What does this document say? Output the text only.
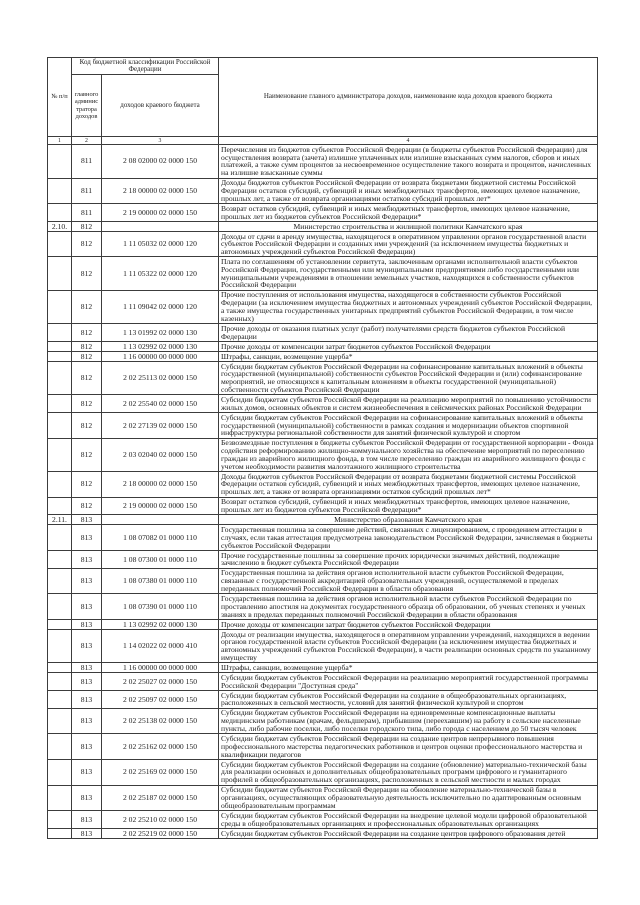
№ п/п	Код бюджетной классификации Российской Федерации		Наименование главного администратора доходов, наименование кода доходов краевого бюджета
	главного администратора доходов	доходов краевого бюджета	
1	2	3	4
	811	2 08 02000 02 0000 150	Перечисления из бюджетов субъектов Российской Федерации (в бюджеты субъектов Российской Федерации) для осуществления возврата (зачета) излишне уплаченных или излишне взысканных сумм налогов, сборов и иных платежей, а также сумм процентов за несвоевременное осуществление такого возврата и процентов, начисленных на излишне взысканные суммы
	811	2 18 00000 02 0000 150	Доходы бюджетов субъектов Российской Федерации от возврата бюджетами бюджетной системы Российской Федерации остатков субсидий, субвенций и иных межбюджетных трансфертов, имеющих целевое назначение, прошлых лет, а также от возврата организациями остатков субсидий прошлых лет*
	811	2 19 00000 02 0000 150	Возврат остатков субсидий, субвенций и иных межбюджетных трансфертов, имеющих целевое назначение, прошлых лет из бюджетов субъектов Российской Федерации*
2.10.	812		Министерство строительства и жилищной политики Камчатского края
	812	1 11 05032 02 0000 120	Доходы от сдачи в аренду имущества, находящегося в оперативном управлении органов государственной власти субъектов Российской Федерации и созданных ими учреждений (за исключением имущества бюджетных и автономных учреждений субъектов Российской Федерации)
	812	1 11 05322 02 0000 120	Плата по соглашениям об установлении сервитута, заключенным органами исполнительной власти субъектов Российской Федерации, государственными или муниципальными предприятиями либо государственными или муниципальными учреждениями в отношении земельных участков, находящихся в собственности субъектов Российской Федерации
	812	1 11 09042 02 0000 120	Прочие поступления от использования имущества, находящегося в собственности субъектов Российской Федерации (за исключением имущества бюджетных и автономных учреждений субъектов Российской Федерации, а также имущества государственных унитарных предприятий субъектов Российской Федерации, в том числе казенных)
	812	1 13 01992 02 0000 130	Прочие доходы от оказания платных услуг (работ) получателями средств бюджетов субъектов Российской Федерации
	812	1 13 02992 02 0000 130	Прочие доходы от компенсации затрат бюджетов субъектов Российской Федерации
	812	1 16 00000 00 0000 000	Штрафы, санкции, возмещение ущерба*
	812	2 02 25113 02 0000 150	Субсидии бюджетам субъектов Российской Федерации на софинансирование капитальных вложений в объекты государственной (муниципальной) собственности субъектов Российской Федерации и (или) софинансирование мероприятий, не относящихся к капитальным вложениям в объекты государственной (муниципальной) собственности субъектов Российской Федерации
	812	2 02 25540 02 0000 150	Субсидии бюджетам субъектов Российской Федерации на реализацию мероприятий по повышению устойчивости жилых домов, основных объектов и систем жизнеобеспечения в сейсмических районах Российской Федерации
	812	2 02 27139 02 0000 150	Субсидии бюджетам субъектов Российской Федерации на софинансирование капитальных вложений в объекты государственной (муниципальной) собственности в рамках создания и модернизации объектов спортивной инфраструктуры региональной собственности для занятий физической культурой и спортом
	812	2 03 02040 02 0000 150	Безвозмездные поступления в бюджеты субъектов Российской Федерации от государственной корпорации - Фонда содействия реформированию жилищно-коммунального хозяйства на обеспечение мероприятий по переселению граждан из аварийного жилищного фонда, в том числе переселению граждан из аварийного жилищного фонда с учетом необходимости развития малоэтажного жилищного строительства
	812	2 18 00000 02 0000 150	Доходы бюджетов субъектов Российской Федерации от возврата бюджетами бюджетной системы Российской Федерации остатков субсидий, субвенций и иных межбюджетных трансфертов, имеющих целевое назначение, прошлых лет, а также от возврата организациями остатков субсидий прошлых лет*
	812	2 19 00000 02 0000 150	Возврат остатков субсидий, субвенций и иных межбюджетных трансфертов, имеющих целевое назначение, прошлых лет из бюджетов субъектов Российской Федерации*
2.11.	813		Министерство образования Камчатского края
	813	1 08 07082 01 0000 110	Государственная пошлина за совершение действий, связанных с лицензированием, с проведением аттестации в случаях, если такая аттестация предусмотрена законодательством Российской Федерации, зачисляемая в бюджеты субъектов Российской Федерации
	813	1 08 07300 01 0000 110	Прочие государственные пошлины за совершение прочих юридически значимых действий, подлежащие зачислению в бюджет субъекта Российской Федерации
	813	1 08 07380 01 0000 110	Государственная пошлина за действия органов исполнительной власти субъектов Российской Федерации, связанные с государственной аккредитацией образовательных учреждений, осуществляемой в пределах переданных полномочий Российской Федерации в области образования
	813	1 08 07390 01 0000 110	Государственная пошлина за действия органов исполнительной власти субъектов Российской Федерации по проставлению апостиля на документах государственного образца об образовании, об ученых степенях и ученых званиях в пределах переданных полномочий Российской Федерации в области образования
	813	1 13 02992 02 0000 130	Прочие доходы от компенсации затрат бюджетов субъектов Российской Федерации
	813	1 14 02022 02 0000 410	Доходы от реализации имущества, находящегося в оперативном управлении учреждений, находящихся в ведении органов государственной власти субъектов Российской Федерации (за исключением имущества бюджетных и автономных учреждений субъектов Российской Федерации), в части реализации основных средств по указанному имуществу
	813	1 16 00000 00 0000 000	Штрафы, санкции, возмещение ущерба*
	813	2 02 25027 02 0000 150	Субсидии бюджетам субъектов Российской Федерации на реализацию мероприятий государственной программы Российской Федерации "Доступная среда"
	813	2 02 25097 02 0000 150	Субсидии бюджетам субъектов Российской Федерации на создание в общеобразовательных организациях, расположенных в сельской местности, условий для занятий физической культурой и спортом
	813	2 02 25138 02 0000 150	Субсидии бюджетам субъектов Российской Федерации на единовременные компенсационные выплаты медицинским работникам (врачам, фельдшерам), прибывшим (переехавшим) на работу в сельские населенные пункты, либо рабочие поселки, либо поселки городского типа, либо города с населением до 50 тысяч человек
	813	2 02 25162 02 0000 150	Субсидии бюджетам субъектов Российской Федерации на создание центров непрерывного повышения профессионального мастерства педагогических работников и центров оценки профессионального мастерства и квалификации педагогов
	813	2 02 25169 02 0000 150	Субсидии бюджетам субъектов Российской Федерации на создание (обновление) материально-технической базы для реализации основных и дополнительных общеобразовательных программ цифрового и гуманитарного профилей в общеобразовательных организациях, расположенных в сельской местности и малых городах
	813	2 02 25187 02 0000 150	Субсидии бюджетам субъектов Российской Федерации на обновление материально-технической базы в организациях, осуществляющих образовательную деятельность исключительно по адаптированным основным общеобразовательным программам
	813	2 02 25210 02 0000 150	Субсидии бюджетам субъектов Российской Федерации на внедрение целевой модели цифровой образовательной среды в общеобразовательных организациях и профессиональных образовательных организациях
	813	2 02 25219 02 0000 150	Субсидии бюджетам субъектов Российской Федерации на создание центров цифрового образования детей
